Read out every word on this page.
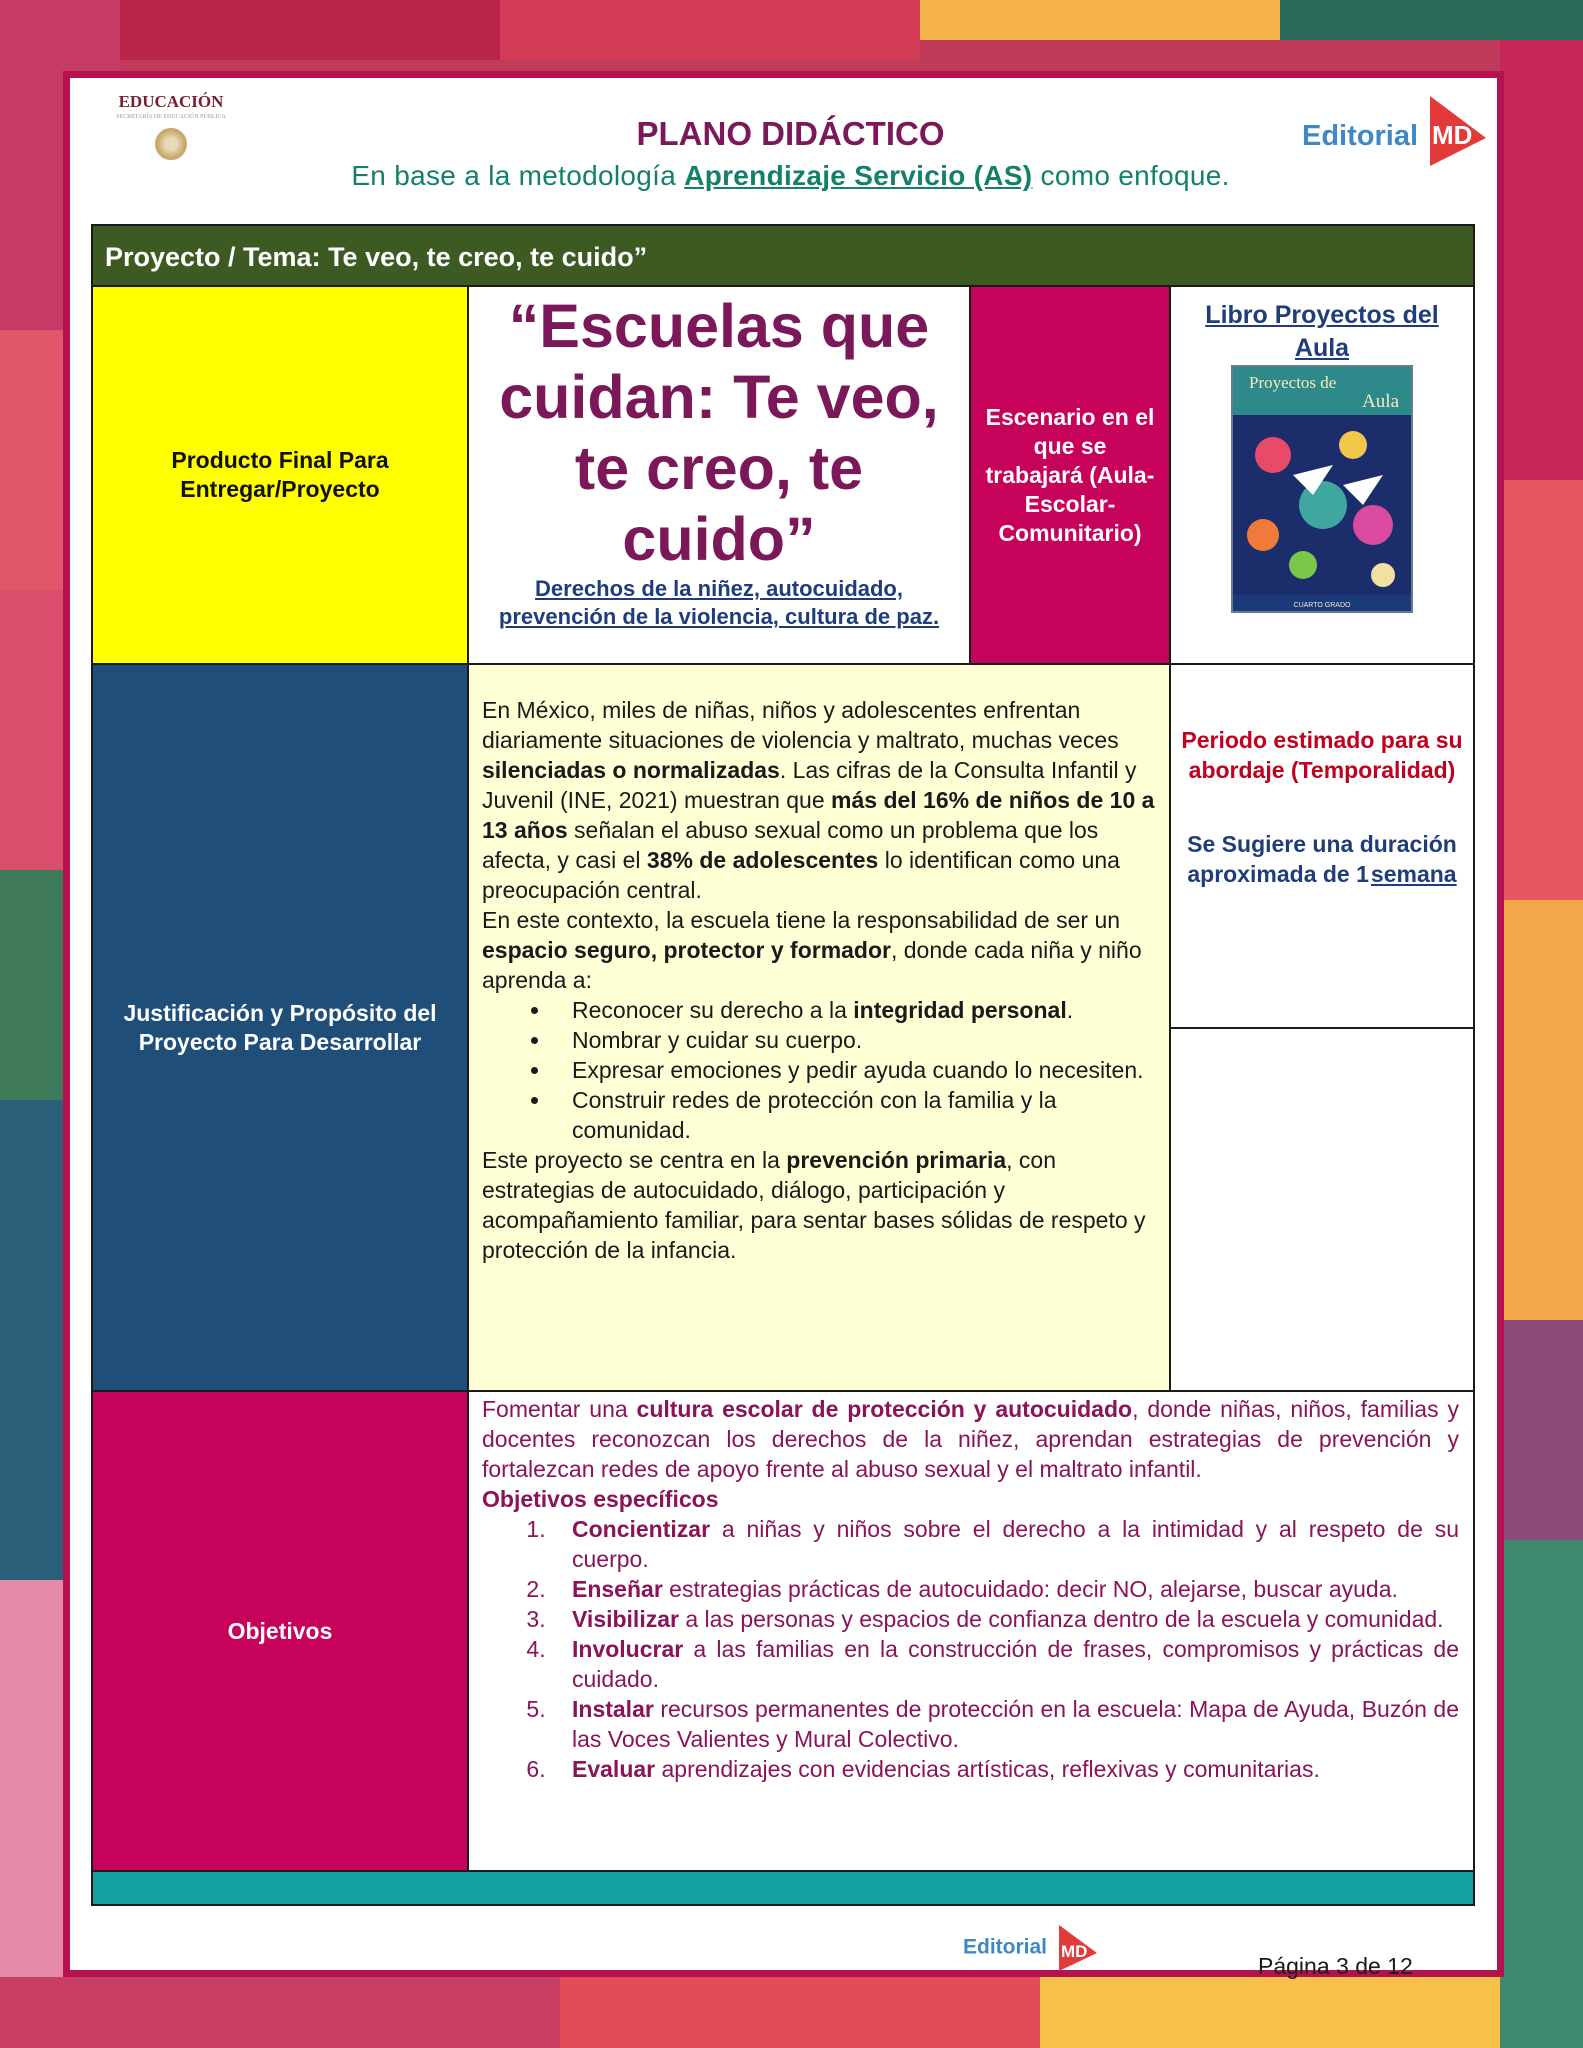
EDUCACIÓN
SECRETARÍA DE EDUCACIÓN PÚBLICA	PLANO DIDÁCTICO
En base a la metodología Aprendizaje Servicio (AS) como enfoque.
Editorial MD
Proyecto / Tema: Te veo, te creo, te cuido”
Producto Final Para Entregar/Proyecto
“Escuelas que cuidan: Te veo, te creo, te cuido”
Derechos de la niñez, autocuidado, prevención de la violencia, cultura de paz.
Escenario en el que se trabajará (Aula-Escolar-Comunitario)
Libro Proyectos del Aula
Proyectos de
Aula
CUARTO GRADO
Justificación y Propósito del Proyecto Para Desarrollar
En México, miles de niñas, niños y adolescentes enfrentan diariamente situaciones de violencia y maltrato, muchas veces silenciadas o normalizadas. Las cifras de la Consulta Infantil y Juvenil (INE, 2021) muestran que más del 16% de niños de 10 a 13 años señalan el abuso sexual como un problema que los afecta, y casi el 38% de adolescentes lo identifican como una preocupación central.
En este contexto, la escuela tiene la responsabilidad de ser un espacio seguro, protector y formador, donde cada niña y niño aprenda a:
• Reconocer su derecho a la integridad personal.
• Nombrar y cuidar su cuerpo.
• Expresar emociones y pedir ayuda cuando lo necesiten.
• Construir redes de protección con la familia y la comunidad.
Este proyecto se centra en la prevención primaria, con estrategias de autocuidado, diálogo, participación y acompañamiento familiar, para sentar bases sólidas de respeto y protección de la infancia.
Periodo estimado para su abordaje (Temporalidad)
Se Sugiere una duración aproximada de 1semana
Objetivos
Fomentar una cultura escolar de protección y autocuidado, donde niñas, niños, familias y docentes reconozcan los derechos de la niñez, aprendan estrategias de prevención y fortalezcan redes de apoyo frente al abuso sexual y el maltrato infantil.
Objetivos específicos
1. Concientizar a niñas y niños sobre el derecho a la intimidad y al respeto de su cuerpo.
2. Enseñar estrategias prácticas de autocuidado: decir NO, alejarse, buscar ayuda.
3. Visibilizar a las personas y espacios de confianza dentro de la escuela y comunidad.
4. Involucrar a las familias en la construcción de frases, compromisos y prácticas de cuidado.
5. Instalar recursos permanentes de protección en la escuela: Mapa de Ayuda, Buzón de las Voces Valientes y Mural Colectivo.
6. Evaluar aprendizajes con evidencias artísticas, reflexivas y comunitarias.
Editorial MD
Página 3 de 12
